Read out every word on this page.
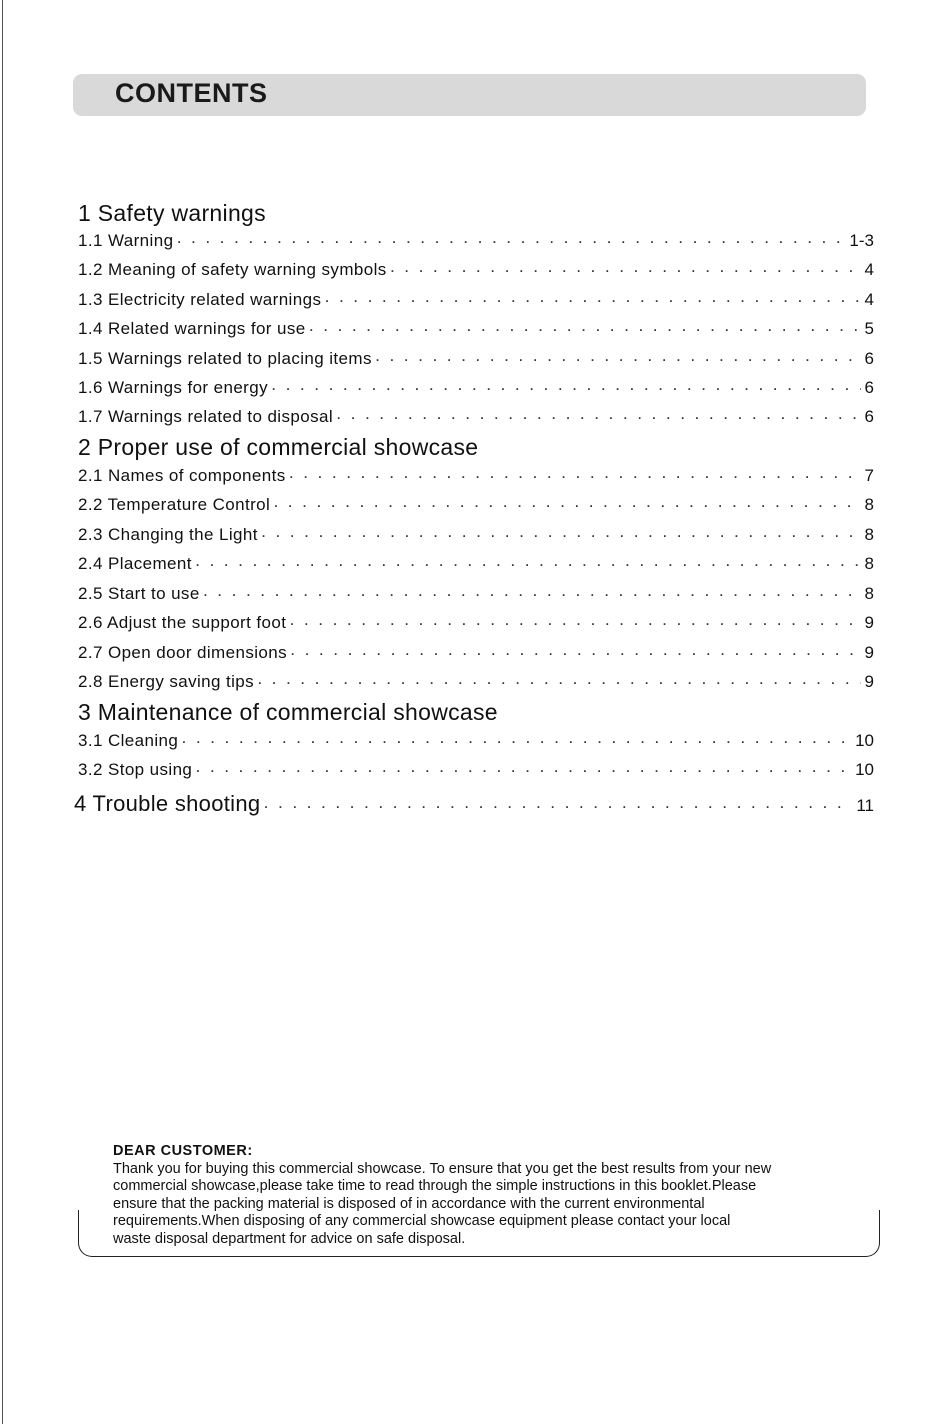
CONTENTS
1 Safety warnings
1.1 Warning · · ·	1-3
1.2 Meaning of safety warning symbols · · ·	4
1.3 Electricity related warnings · · ·	4
1.4 Related warnings for use · · ·	5
1.5 Warnings related to placing items · · ·	6
1.6 Warnings for energy · · ·	6
1.7 Warnings related to disposal · · ·	6
2 Proper use of commercial showcase
2.1 Names of components · · ·	7
2.2 Temperature Control · · ·	8
2.3 Changing the Light · · ·	8
2.4 Placement · · ·	8
2.5 Start to use · · ·	8
2.6 Adjust the support foot · · ·	9
2.7 Open door dimensions · · ·	9
2.8 Energy saving tips · · ·	9
3 Maintenance of commercial showcase
3.1 Cleaning · · ·	10
3.2 Stop using · · ·	10
4 Trouble shooting · · ·	11
DEAR CUSTOMER:
Thank you for buying this commercial showcase. To ensure that you get the best results from your new
commercial showcase,please take time to read through the simple instructions in this booklet.Please
ensure that the packing material is disposed of in accordance with the current environmental
requirements.When disposing of any commercial showcase equipment please contact your local
waste disposal department for advice on safe disposal.
